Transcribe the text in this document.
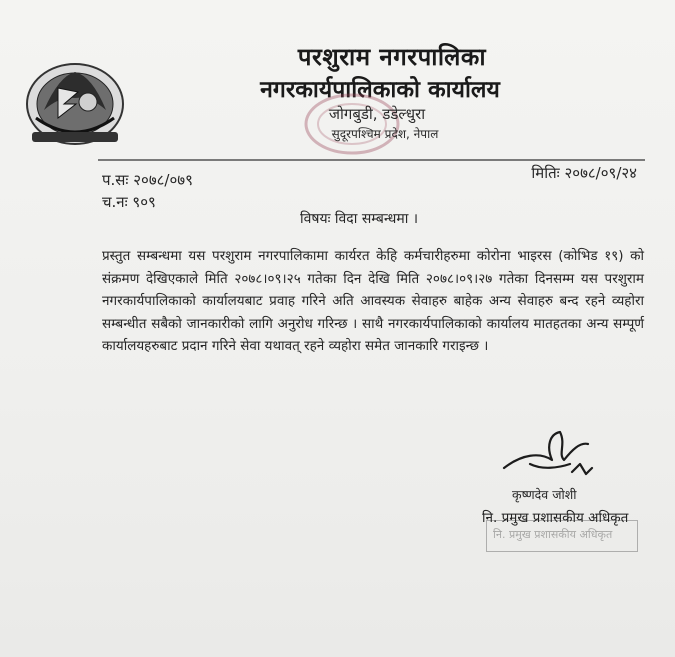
परशुराम नगरपालिका
नगरकार्यपालिकाको कार्यालय
जोगबुडी, डडेल्धुरा
सुदूरपश्चिम प्रदेश, नेपाल
प.सः २०७८/०७९
च.नः ९०९
मितिः २०७८/०९/२४
विषयः विदा सम्बन्धमा ।

प्रस्तुत सम्बन्धमा यस परशुराम नगरपालिकामा कार्यरत केहि कर्मचारीहरुमा कोरोना भाइरस (कोभिड १९) को संक्रमण देखिएकाले मिति २०७८।०९।२५ गतेका दिन देखि मिति २०७८।०९।२७ गतेका दिनसम्म यस परशुराम नगरकार्यपालिकाको कार्यालयबाट प्रवाह गरिने अति आवस्यक सेवाहरु बाहेक अन्य सेवाहरु बन्द रहने व्यहोरा सम्बन्धीत सबैको जानकारीको लागि अनुरोध गरिन्छ । साथै नगरकार्यपालिकाको कार्यालय मातहतका अन्य सम्पूर्ण कार्यालयहरुबाट प्रदान गरिने सेवा यथावत् रहने व्यहोरा समेत जानकारि गराइन्छ ।

कृष्णदेव जोशी
नि. प्रमुख प्रशासकीय अधिकृत
नि. प्रमुख प्रशासकीय अधिकृत
